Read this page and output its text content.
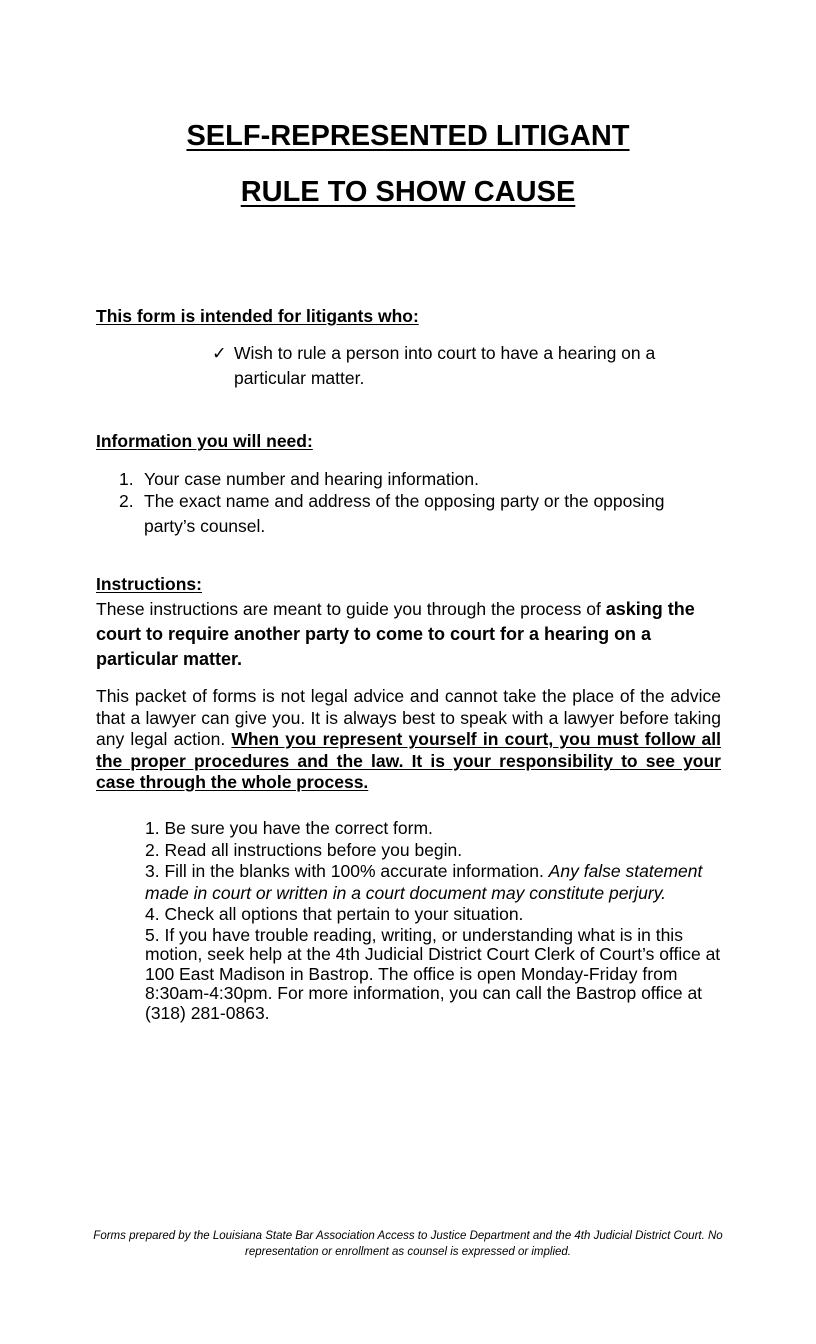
SELF-REPRESENTED LITIGANT
RULE TO SHOW CAUSE
This form is intended for litigants who:
✓ Wish to rule a person into court to have a hearing on a particular matter.
Information you will need:
1. Your case number and hearing information.
2. The exact name and address of the opposing party or the opposing party’s counsel.
Instructions:

These instructions are meant to guide you through the process of asking the court to require another party to come to court for a hearing on a particular matter.

This packet of forms is not legal advice and cannot take the place of the advice that a lawyer can give you. It is always best to speak with a lawyer before taking any legal action. When you represent yourself in court, you must follow all the proper procedures and the law. It is your responsibility to see your case through the whole process.

1. Be sure you have the correct form.
2. Read all instructions before you begin.
3. Fill in the blanks with 100% accurate information. Any false statement made in court or written in a court document may constitute perjury.
4. Check all options that pertain to your situation.
5. If you have trouble reading, writing, or understanding what is in this motion, seek help at the 4th Judicial District Court Clerk of Court’s office at 100 East Madison in Bastrop. The office is open Monday-Friday from 8:30am-4:30pm. For more information, you can call the Bastrop office at (318) 281-0863.

Forms prepared by the Louisiana State Bar Association Access to Justice Department and the 4th Judicial District Court. No representation or enrollment as counsel is expressed or implied.
